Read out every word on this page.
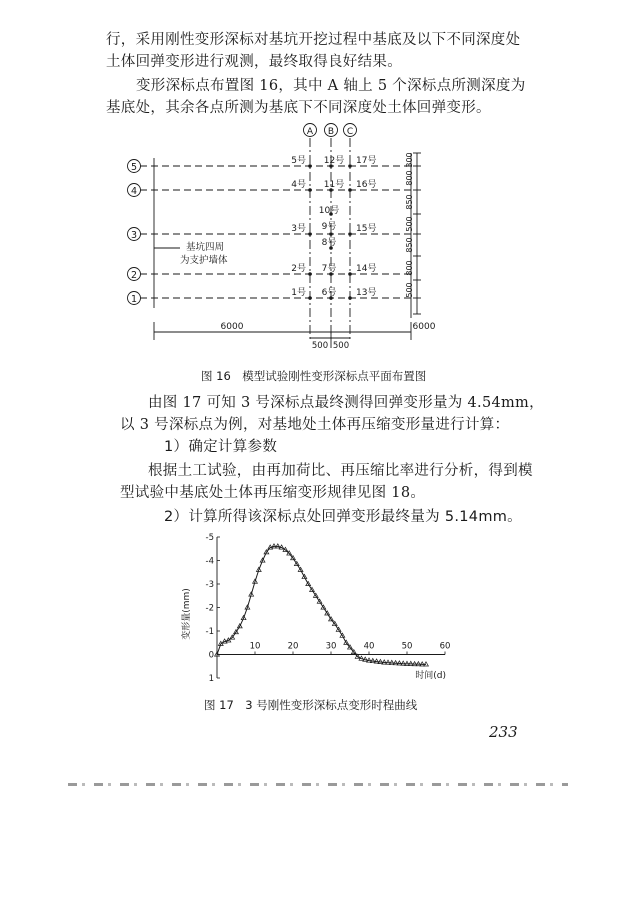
行，采用刚性变形深标对基坑开挖过程中基底及以下不同深度处
土体回弹变形进行观测，最终取得良好结果。
变形深标点布置图 16，其中 A 轴上 5 个深标点所测深度为
基底处，其余各点所测为基底下不同深度处土体回弹变形。
A B C
5
4
3
2
1
5号
4号
3号
2号
1号
12号
11号
10号
9号
8号
7号
6号
17号
16号
15号
14号
13号
基坑四周
为支护墙体
300
800
850
500
850
800
500
6000
500 500
6000
图 16　模型试验刚性变形深标点平面布置图
由图 17 可知 3 号深标点最终测得回弹变形量为 4.54mm，
以 3 号深标点为例，对基地处土体再压缩变形量进行计算：
1）确定计算参数
根据土工试验，由再加荷比、再压缩比率进行分析，得到模
型试验中基底处土体再压缩变形规律见图 18。
2）计算所得该深标点处回弹变形最终量为 5.14mm。
变形量(mm)
时间(d)
-5
-4
-3
-2
-1
0
1
10	20	30	40	50	60
图 17　3 号刚性变形深标点变形时程曲线
233
